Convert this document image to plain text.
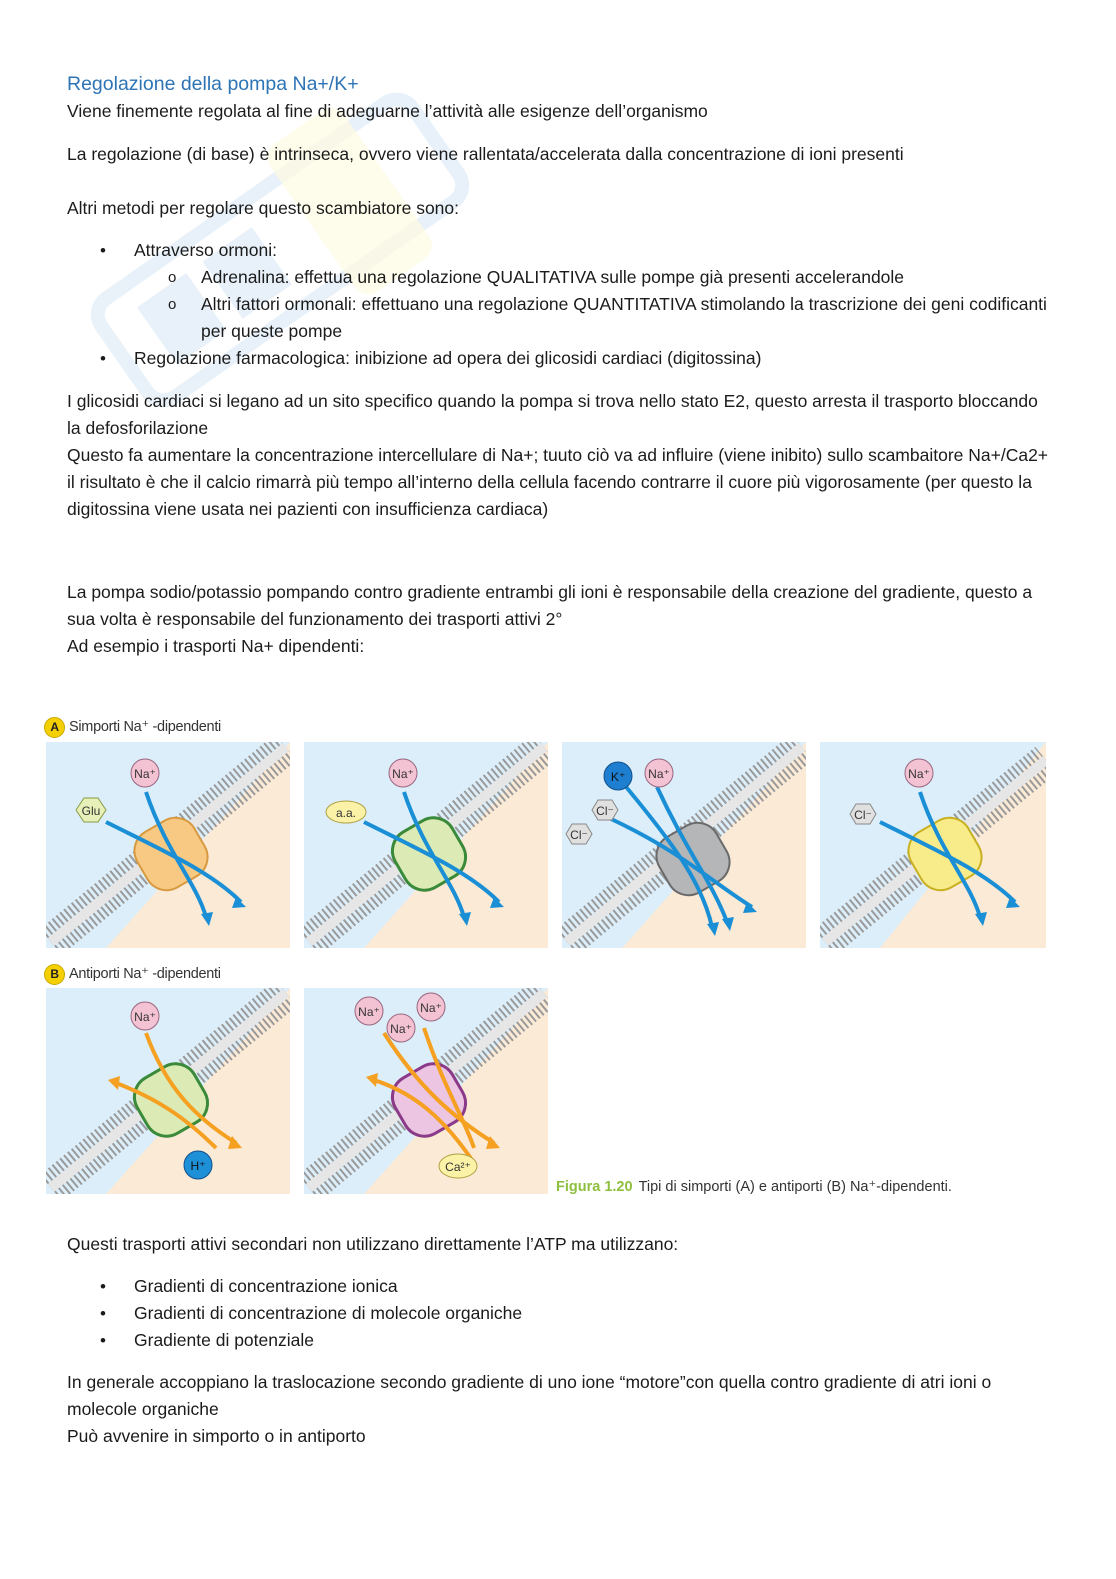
Regolazione della pompa Na+/K+

Viene finemente regolata al fine di adeguarne l’attività alle esigenze dell’organismo

La regolazione (di base) è intrinseca, ovvero viene rallentata/accelerata dalla concentrazione di ioni presenti

Altri metodi per regolare questo scambiatore sono:

• Attraverso ormoni:
o Adrenalina: effettua una regolazione QUALITATIVA sulle pompe già presenti accelerandole
o Altri fattori ormonali: effettuano una regolazione QUANTITATIVA stimolando la trascrizione dei geni codificanti per queste pompe
• Regolazione farmacologica: inibizione ad opera dei glicosidi cardiaci (digitossina)

I glicosidi cardiaci si legano ad un sito specifico quando la pompa si trova nello stato E2, questo arresta il trasporto bloccando la defosforilazione

Questo fa aumentare la concentrazione intercellulare di Na+; tuuto ciò va ad influire (viene inibito) sullo scambaitore Na+/Ca2+

il risultato è che il calcio rimarrà più tempo all’interno della cellula facendo contrarre il cuore più vigorosamente (per questo la digitossina viene usata nei pazienti con insufficienza cardiaca)

La pompa sodio/potassio pompando contro gradiente entrambi gli ioni è responsabile della creazione del gradiente, questo a sua volta è responsabile del funzionamento dei trasporti attivi 2°

Ad esempio i trasporti Na+ dipendenti:

A Simporti Na⁺ -dipendenti
B Antiporti Na⁺ -dipendenti
Na⁺
Glu
Na⁺
a.a.
K⁺ Na⁺
Cl⁻
Cl⁻
Na⁺
Cl⁻
Na⁺
H⁺
Na⁺	Na⁺
Na⁺
Ca²⁺
Figura 1.20 Tipi di simporti (A) e antiporti (B) Na⁺-dipendenti.

Questi trasporti attivi secondari non utilizzano direttamente l’ATP ma utilizzano:

• Gradienti di concentrazione ionica
• Gradienti di concentrazione di molecole organiche
• Gradiente di potenziale

In generale accoppiano la traslocazione secondo gradiente di uno ione “motore”con quella contro gradiente di atri ioni o molecole organiche

Può avvenire in simporto o in antiporto
